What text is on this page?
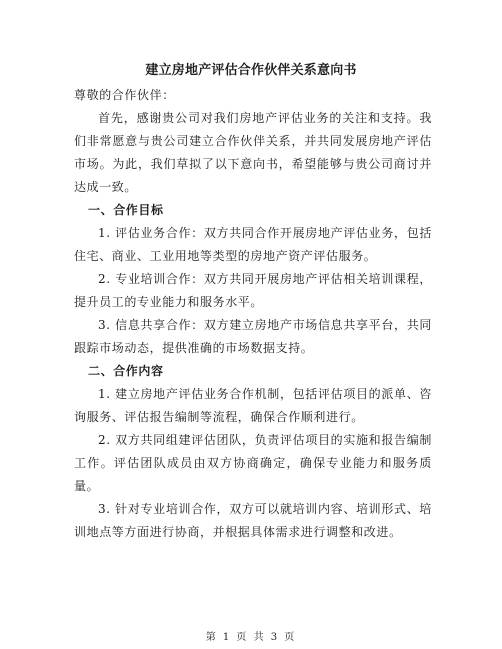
建立房地产评估合作伙伴关系意向书

尊敬的合作伙伴：

首先，感谢贵公司对我们房地产评估业务的关注和支持。我们非常愿意与贵公司建立合作伙伴关系，并共同发展房地产评估市场。为此，我们草拟了以下意向书，希望能够与贵公司商讨并达成一致。

一、合作目标

1. 评估业务合作：双方共同合作开展房地产评估业务，包括住宅、商业、工业用地等类型的房地产资产评估服务。

2. 专业培训合作：双方共同开展房地产评估相关培训课程，提升员工的专业能力和服务水平。

3. 信息共享合作：双方建立房地产市场信息共享平台，共同跟踪市场动态，提供准确的市场数据支持。

二、合作内容

1. 建立房地产评估业务合作机制，包括评估项目的派单、咨询服务、评估报告编制等流程，确保合作顺利进行。

2. 双方共同组建评估团队，负责评估项目的实施和报告编制工作。评估团队成员由双方协商确定，确保专业能力和服务质量。

3. 针对专业培训合作，双方可以就培训内容、培训形式、培训地点等方面进行协商，并根据具体需求进行调整和改进。

第 1 页 共 3 页
